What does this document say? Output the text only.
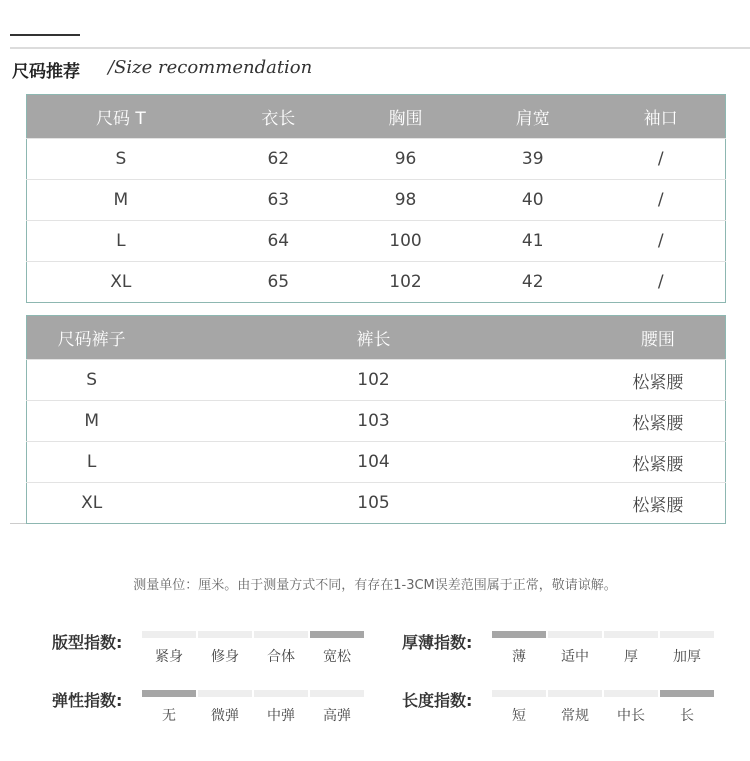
尺码推荐 /Size recommendation
尺码 T	衣长	胸围	肩宽	袖口
S	62	96	39	/
M	63	98	40	/
L	64	100	41	/
XL	65	102	42	/
尺码裤子	裤长	腰围
S	102	松紧腰
M	103	松紧腰
L	104	松紧腰
XL	105	松紧腰
测量单位：厘米。由于测量方式不同，有存在1-3CM误差范围属于正常，敬请谅解。
版型指数:
紧身	修身	合体	宽松
厚薄指数:
薄	适中	厚	加厚
弹性指数:
无	微弹	中弹	高弹
长度指数:
短	常规	中长	长
